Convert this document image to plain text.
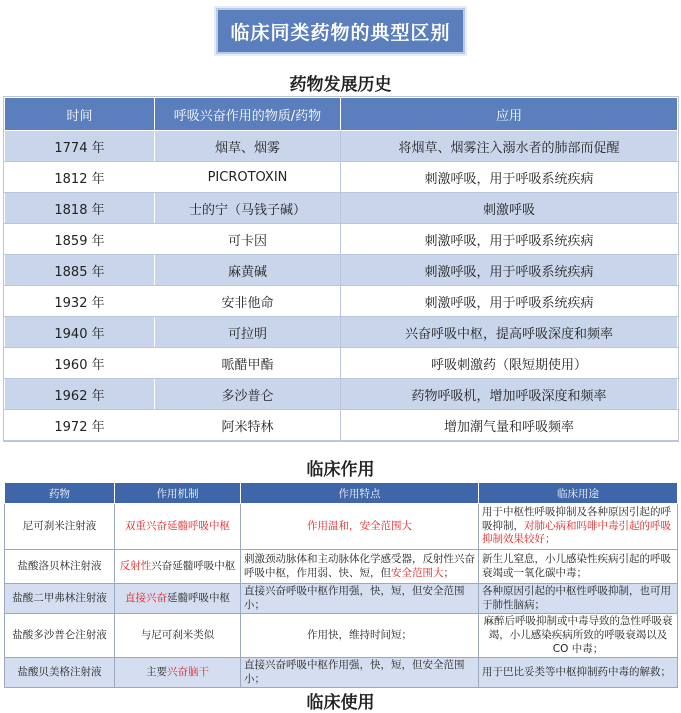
临床同类药物的典型区别
药物发展历史
时间	呼吸兴奋作用的物质/药物	应用
1774 年	烟草、烟雾	将烟草、烟雾注入溺水者的肺部而促醒
1812 年	PICROTOXIN	刺激呼吸，用于呼吸系统疾病
1818 年	士的宁（马钱子碱）	刺激呼吸
1859 年	可卡因	刺激呼吸，用于呼吸系统疾病
1885 年	麻黄碱	刺激呼吸，用于呼吸系统疾病
1932 年	安非他命	刺激呼吸，用于呼吸系统疾病
1940 年	可拉明	兴奋呼吸中枢，提高呼吸深度和频率
1960 年	哌醋甲酯	呼吸刺激药（限短期使用）
1962 年	多沙普仑	药物呼吸机，增加呼吸深度和频率
1972 年	阿米特林	增加潮气量和呼吸频率
临床作用
药物	作用机制	作用特点	临床用途
尼可刹米注射液	双重兴奋延髓呼吸中枢	作用温和，安全范围大	用于中枢性呼吸抑制及各种原因引起的呼吸抑制，对肺心病和吗啡中毒引起的呼吸抑制效果较好；
盐酸洛贝林注射液	反射性兴奋延髓呼吸中枢	刺激颈动脉体和主动脉体化学感受器，反射性兴奋呼吸中枢，作用弱、快、短，但安全范围大；	新生儿窒息，小儿感染性疾病引起的呼吸衰竭或一氧化碳中毒；
盐酸二甲弗林注射液	直接兴奋延髓呼吸中枢	直接兴奋呼吸中枢作用强，快，短，但安全范围小；	各种原因引起的中枢性呼吸抑制，也可用于肺性脑病；
盐酸多沙普仑注射液	与尼可刹米类似	作用快，维持时间短；	麻醉后呼吸抑制或中毒导致的急性呼吸衰竭，小儿感染疾病所致的呼吸衰竭以及 CO 中毒；
盐酸贝美格注射液	主要兴奋脑干	直接兴奋呼吸中枢作用强，快，短，但安全范围小；	用于巴比妥类等中枢抑制药中毒的解救；
临床使用
